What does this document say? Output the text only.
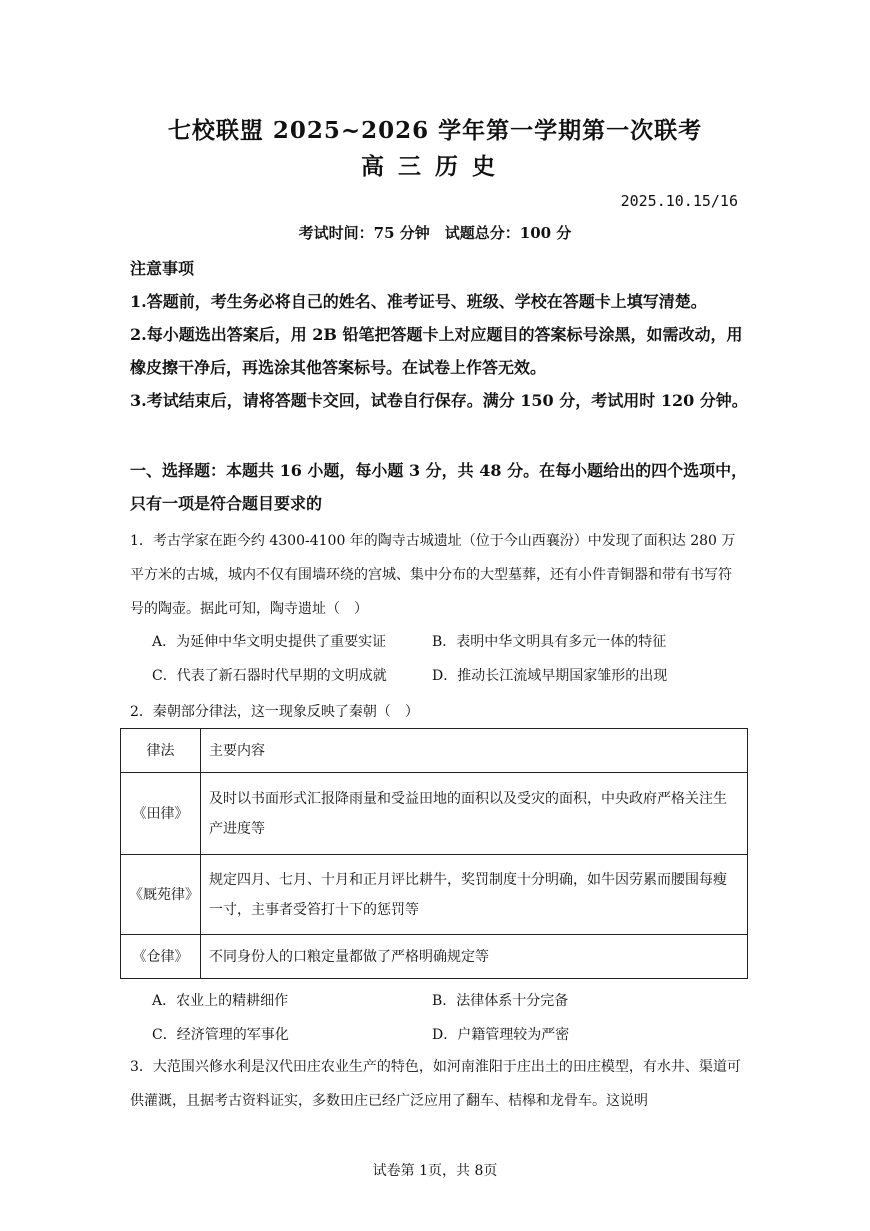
七校联盟 2025~2026 学年第一学期第一次联考
高三历史
2025.10.15/16
考试时间：75 分钟　试题总分：100 分
注意事项

1.答题前，考生务必将自己的姓名、准考证号、班级、学校在答题卡上填写清楚。

2.每小题选出答案后，用 2B 铅笔把答题卡上对应题目的答案标号涂黑，如需改动，用橡皮擦干净后，再选涂其他答案标号。在试卷上作答无效。

3.考试结束后，请将答题卡交回，试卷自行保存。满分 150 分，考试用时 120 分钟。

一、选择题：本题共 16 小题，每小题 3 分，共 48 分。在每小题给出的四个选项中，只有一项是符合题目要求的
1．考古学家在距今约 4300-4100 年的陶寺古城遗址（位于今山西襄汾）中发现了面积达 280 万平方米的古城，城内不仅有围墙环绕的宫城、集中分布的大型墓葬，还有小件青铜器和带有书写符号的陶壶。据此可知，陶寺遗址（　）
A．为延伸中华文明史提供了重要实证	B．表明中华文明具有多元一体的特征
C．代表了新石器时代早期的文明成就	D．推动长江流域早期国家雏形的出现
2．秦朝部分律法，这一现象反映了秦朝（　）
律法	主要内容
《田律》	及时以书面形式汇报降雨量和受益田地的面积以及受灾的面积，中央政府严格关注生产进度等
《厩苑律》	规定四月、七月、十月和正月评比耕牛，奖罚制度十分明确，如牛因劳累而腰围每瘦一寸，主事者受笞打十下的惩罚等
《仓律》	不同身份人的口粮定量都做了严格明确规定等
A．农业上的精耕细作	B．法律体系十分完备
C．经济管理的军事化	D．户籍管理较为严密
3．大范围兴修水利是汉代田庄农业生产的特色，如河南淮阳于庄出土的田庄模型，有水井、渠道可供灌溉，且据考古资料证实，多数田庄已经广泛应用了翻车、桔槔和龙骨车。这说明
试卷第 1页，共 8页
